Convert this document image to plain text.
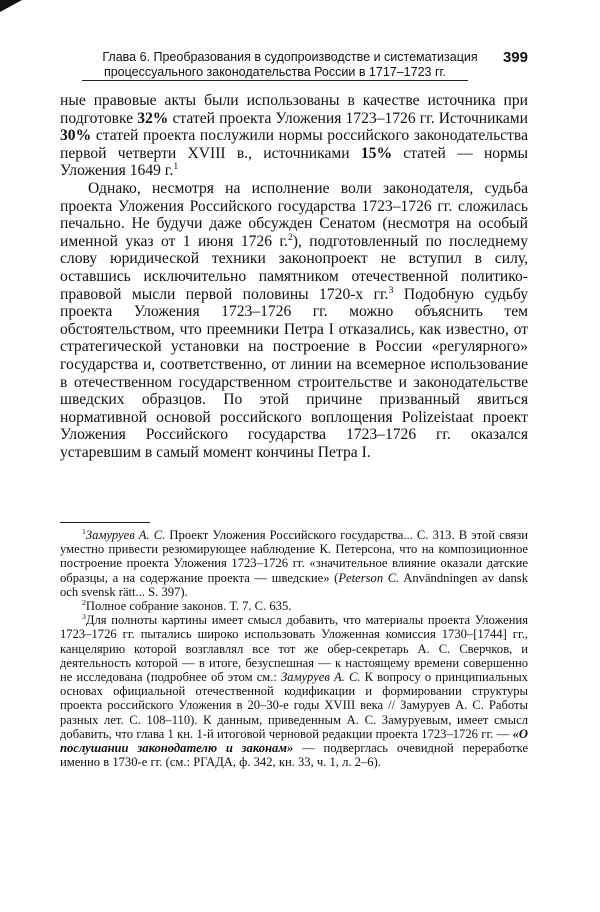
Глава 6. Преобразования в судопроизводстве и систематизация
процессуального законодательства России в 1717–1723 гг.
399

ные правовые акты были использованы в качестве источника при подготовке 32% статей проекта Уложения 1723–1726 гг. Источниками 30% статей проекта послужили нормы российского законодательства первой четверти XVIII в., источниками 15% статей — нормы Уложения 1649 г.$^1$

Однако, несмотря на исполнение воли законодателя, судьба проекта Уложения Российского государства 1723–1726 гг. сложилась печально. Не будучи даже обсужден Сенатом (несмотря на особый именной указ от 1 июня 1726 г.$^2$), подготовленный по последнему слову юридической техники законопроект не вступил в силу, оставшись исключительно памятником отечественной политико-правовой мысли первой половины 1720-х гг.$^3$ Подобную судьбу проекта Уложения 1723–1726 гг. можно объяснить тем обстоятельством, что преемники Петра I отказались, как известно, от стратегической установки на построение в России «регулярного» государства и, соответственно, от линии на всемерное использование в отечественном государственном строительстве и законодательстве шведских образцов. По этой причине призванный явиться нормативной основой российского воплощения Polizeistaat проект Уложения Российского государства 1723–1726 гг. оказался устаревшим в самый момент кончины Петра I.

$^1$Замуруев А. С. Проект Уложения Российского государства... С. 313. В этой связи уместно привести резюмирующее наблюдение К. Петерсона, что на композиционное построение проекта Уложения 1723–1726 гг. «значительное влияние оказали датские образцы, а на содержание проекта — шведские» (Peterson C. Användningen av dansk och svensk rätt... S. 397).

$^2$Полное собрание законов. Т. 7. С. 635.

$^3$Для полноты картины имеет смысл добавить, что материалы проекта Уложения 1723–1726 гг. пытались широко использовать Уложенная комиссия 1730–[1744] гг., канцелярию которой возглавлял все тот же обер-секретарь А. С. Сверчков, и деятельность которой — в итоге, безуспешная — к настоящему времени совершенно не исследована (подробнее об этом см.: Замуруев А. С. К вопросу о принципиальных основах официальной отечественной кодификации и формировании структуры проекта российского Уложения в 20–30-е годы XVIII века // Замуруев А. С. Работы разных лет. С. 108–110). К данным, приведенным А. С. Замуруевым, имеет смысл добавить, что глава 1 кн. 1-й итоговой черновой редакции проекта 1723–1726 гг. — «О послушании законодателю и законам» — подверглась очевидной переработке именно в 1730-е гг. (см.: РГАДА, ф. 342, кн. 33, ч. 1, л. 2–6).
